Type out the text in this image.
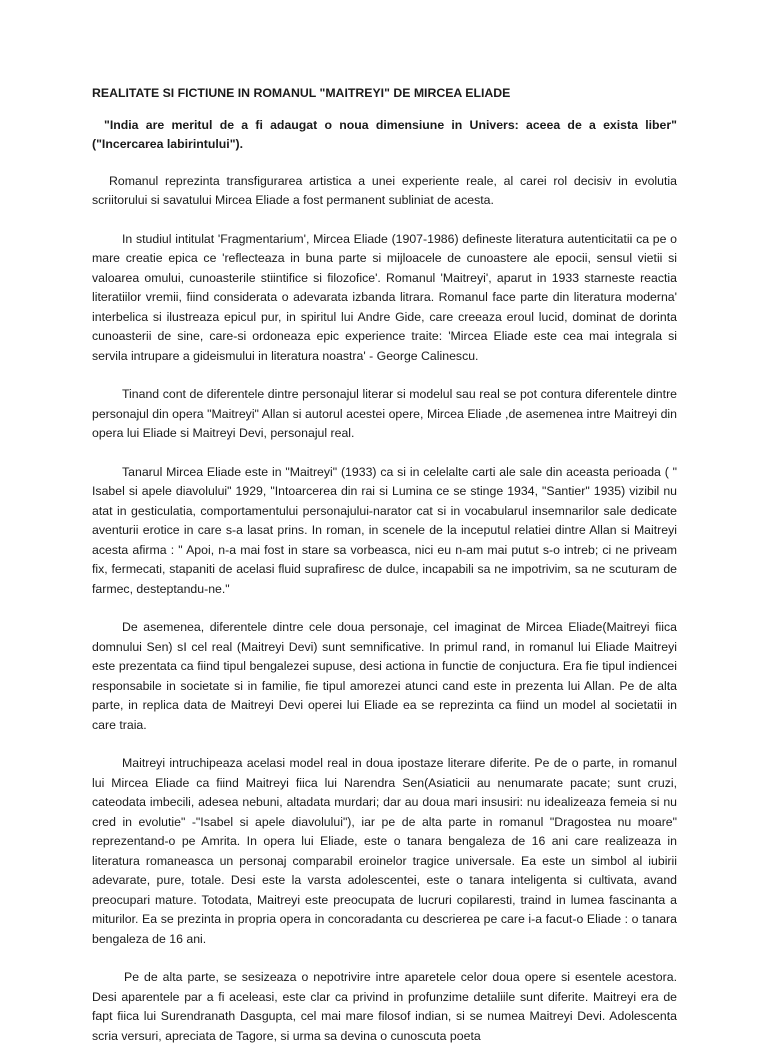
REALITATE SI FICTIUNE IN ROMANUL "MAITREYI" DE MIRCEA ELIADE
"India are meritul de a fi adaugat o noua dimensiune in Univers: aceea de a exista liber" ("Incercarea labirintului").
Romanul reprezinta transfigurarea artistica a unei experiente reale, al carei rol decisiv in evolutia scriitorului si savatului Mircea Eliade a fost permanent subliniat de acesta.
In studiul intitulat 'Fragmentarium', Mircea Eliade (1907-1986) defineste literatura autenticitatii ca pe o mare creatie epica ce 'reflecteaza in buna parte si mijloacele de cunoastere ale epocii, sensul vietii si valoarea omului, cunoasterile stiintifice si filozofice'. Romanul 'Maitreyi', aparut in 1933 starneste reactia literatiilor vremii, fiind considerata o adevarata izbanda litrara. Romanul face parte din literatura moderna' interbelica si ilustreaza epicul pur, in spiritul lui Andre Gide, care creeaza eroul lucid, dominat de dorinta cunoasterii de sine, care-si ordoneaza epic experience traite: 'Mircea Eliade este cea mai integrala si servila intrupare a gideismului in literatura noastra' - George Calinescu.
Tinand cont de diferentele dintre personajul literar si modelul sau real se pot contura diferentele dintre personajul din opera "Maitreyi" Allan si autorul acestei opere, Mircea Eliade ,de asemenea intre Maitreyi din opera lui Eliade si Maitreyi Devi, personajul real.
Tanarul Mircea Eliade este in "Maitreyi" (1933) ca si in celelalte carti ale sale din aceasta perioada ( " Isabel si apele diavolului" 1929, "Intoarcerea din rai si Lumina ce se stinge 1934, "Santier" 1935) vizibil nu atat in gesticulatia, comportamentului personajului-narator cat si in vocabularul insemnarilor sale dedicate aventurii erotice in care s-a lasat prins. In roman, in scenele de la inceputul relatiei dintre Allan si Maitreyi acesta afirma : " Apoi, n-a mai fost in stare sa vorbeasca, nici eu n-am mai putut s-o intreb; ci ne priveam fix, fermecati, stapaniti de acelasi fluid suprafiresc de dulce, incapabili sa ne impotrivim, sa ne scuturam de farmec, desteptandu-ne."
De asemenea, diferentele dintre cele doua personaje, cel imaginat de Mircea Eliade(Maitreyi fiica domnului Sen) sI cel real (Maitreyi Devi) sunt semnificative. In primul rand, in romanul lui Eliade Maitreyi este prezentata ca fiind tipul bengalezei supuse, desi actiona in functie de conjuctura. Era fie tipul indiencei responsabile in societate si in familie, fie tipul amorezei atunci cand este in prezenta lui Allan. Pe de alta parte, in replica data de Maitreyi Devi operei lui Eliade ea se reprezinta ca fiind un model al societatii in care traia.
Maitreyi intruchipeaza acelasi model real in doua ipostaze literare diferite. Pe de o parte, in romanul lui Mircea Eliade ca fiind Maitreyi fiica lui Narendra Sen(Asiaticii au nenumarate pacate; sunt cruzi, cateodata imbecili, adesea nebuni, altadata murdari; dar au doua mari insusiri: nu idealizeaza femeia si nu cred in evolutie" -"Isabel si apele diavolului"), iar pe de alta parte in romanul "Dragostea nu moare" reprezentand-o pe Amrita. In opera lui Eliade, este o tanara bengaleza de 16 ani care realizeaza in literatura romaneasca un personaj comparabil eroinelor tragice universale. Ea este un simbol al iubirii adevarate, pure, totale. Desi este la varsta adolescentei, este o tanara inteligenta si cultivata, avand preocupari mature. Totodata, Maitreyi este preocupata de lucruri copilaresti, traind in lumea fascinanta a miturilor. Ea se prezinta in propria opera in concoradanta cu descrierea pe care i-a facut-o Eliade : o tanara bengaleza de 16 ani.
Pe de alta parte, se sesizeaza o nepotrivire intre aparetele celor doua opere si esentele acestora. Desi aparentele par a fi aceleasi, este clar ca privind in profunzime detaliile sunt diferite. Maitreyi era de fapt fiica lui Surendranath Dasgupta, cel mai mare filosof indian, si se numea Maitreyi Devi. Adolescenta scria versuri, apreciata de Tagore, si urma sa devina o cunoscuta poeta
